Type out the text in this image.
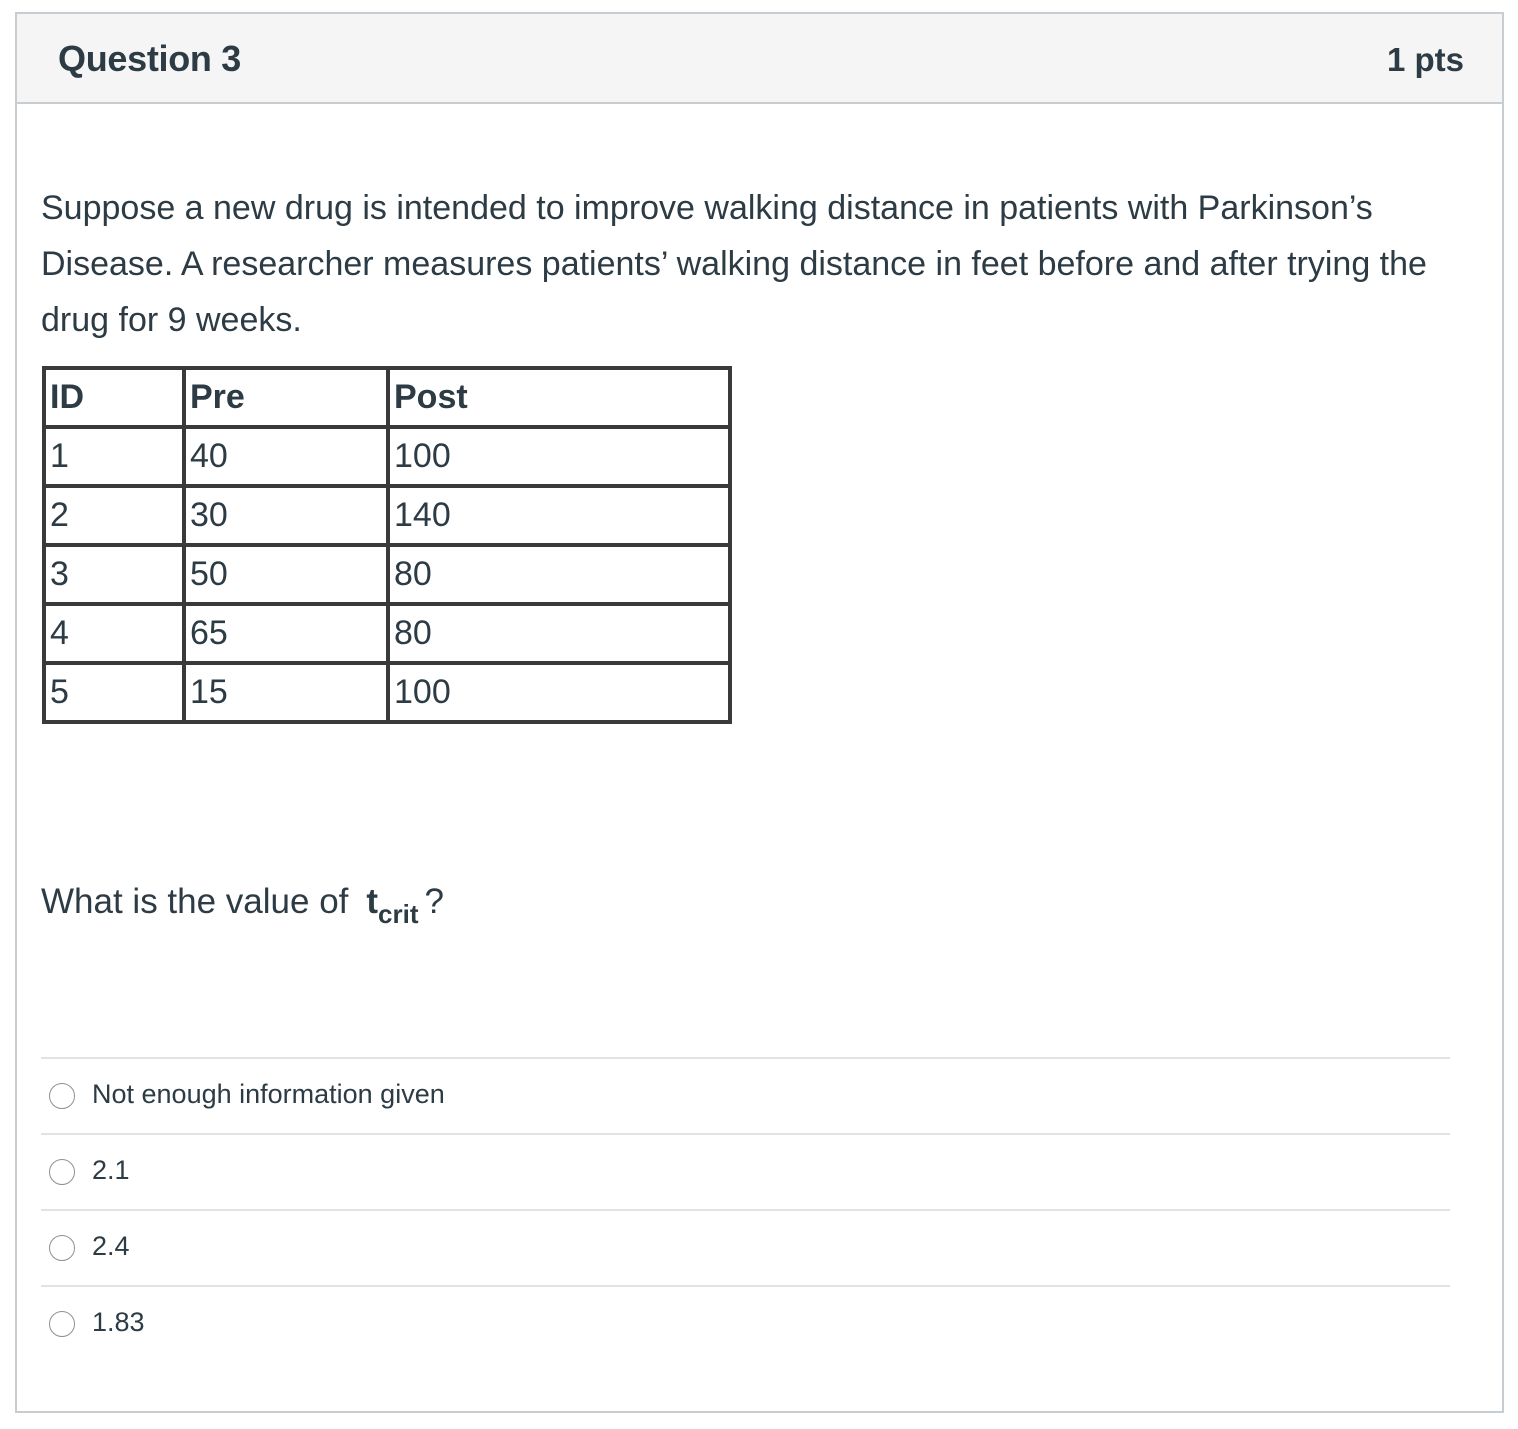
Question 3	1 pts

Suppose a new drug is intended to improve walking distance in patients with Parkinson’s Disease. A researcher measures patients’ walking distance in feet before and after trying the drug for 9 weeks.

ID	Pre	Post
1	40	100
2	30	140
3	50	80
4	65	80
5	15	100

What is the value of $t_{crit}$ ?

Not enough information given
2.1
2.4
1.83
